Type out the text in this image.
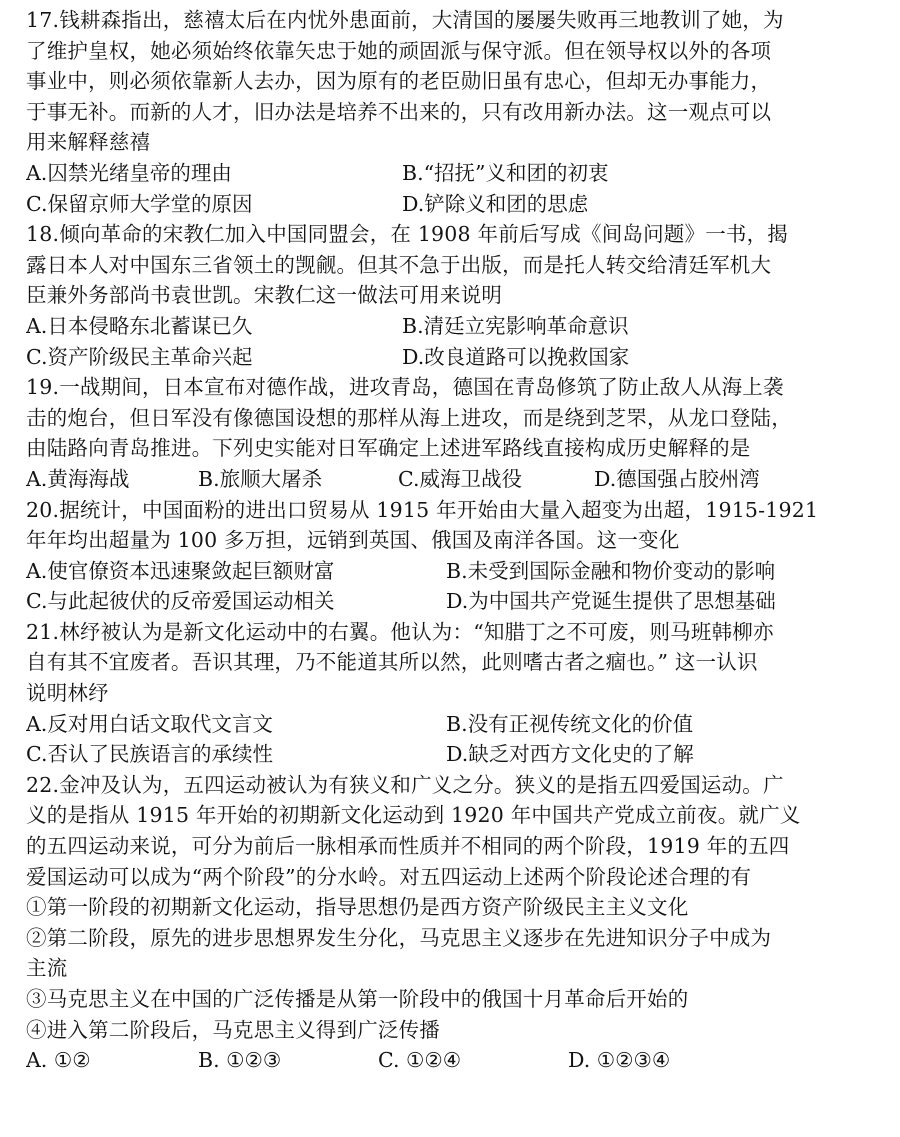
17.钱耕森指出，慈禧太后在内忧外患面前，大清国的屡屡失败再三地教训了她，为
了维护皇权，她必须始终依靠矢忠于她的顽固派与保守派。但在领导权以外的各项
事业中，则必须依靠新人去办，因为原有的老臣勋旧虽有忠心，但却无办事能力，
于事无补。而新的人才，旧办法是培养不出来的，只有改用新办法。这一观点可以
用来解释慈禧
A.囚禁光绪皇帝的理由	B.“招抚”义和团的初衷
C.保留京师大学堂的原因	D.铲除义和团的思虑
18.倾向革命的宋教仁加入中国同盟会，在 1908 年前后写成《间岛问题》一书，揭
露日本人对中国东三省领土的觊觎。但其不急于出版，而是托人转交给清廷军机大
臣兼外务部尚书袁世凯。宋教仁这一做法可用来说明
A.日本侵略东北蓄谋已久	B.清廷立宪影响革命意识
C.资产阶级民主革命兴起	D.改良道路可以挽救国家
19.一战期间，日本宣布对德作战，进攻青岛，德国在青岛修筑了防止敌人从海上袭
击的炮台，但日军没有像德国设想的那样从海上进攻，而是绕到芝罘，从龙口登陆，
由陆路向青岛推进。下列史实能对日军确定上述进军路线直接构成历史解释的是
A.黄海海战	B.旅顺大屠杀	C.威海卫战役	D.德国强占胶州湾
20.据统计，中国面粉的进出口贸易从 1915 年开始由大量入超变为出超，1915-1921
年年均出超量为 100 多万担，远销到英国、俄国及南洋各国。这一变化
A.使官僚资本迅速聚敛起巨额财富	B.未受到国际金融和物价变动的影响
C.与此起彼伏的反帝爱国运动相关	D.为中国共产党诞生提供了思想基础
21.林纾被认为是新文化运动中的右翼。他认为：“知腊丁之不可废，则马班韩柳亦
自有其不宜废者。吾识其理，乃不能道其所以然，此则嗜古者之痼也。” 这一认识
说明林纾
A.反对用白话文取代文言文	B.没有正视传统文化的价值
C.否认了民族语言的承续性	D.缺乏对西方文化史的了解
22.金冲及认为，五四运动被认为有狭义和广义之分。狭义的是指五四爱国运动。广
义的是指从 1915 年开始的初期新文化运动到 1920 年中国共产党成立前夜。就广义
的五四运动来说，可分为前后一脉相承而性质并不相同的两个阶段，1919 年的五四
爱国运动可以成为“两个阶段”的分水岭。对五四运动上述两个阶段论述合理的有
①第一阶段的初期新文化运动，指导思想仍是西方资产阶级民主主义文化
②第二阶段，原先的进步思想界发生分化，马克思主义逐步在先进知识分子中成为
主流
③马克思主义在中国的广泛传播是从第一阶段中的俄国十月革命后开始的
④进入第二阶段后，马克思主义得到广泛传播
A. ①②	B. ①②③	C. ①②④	D. ①②③④
